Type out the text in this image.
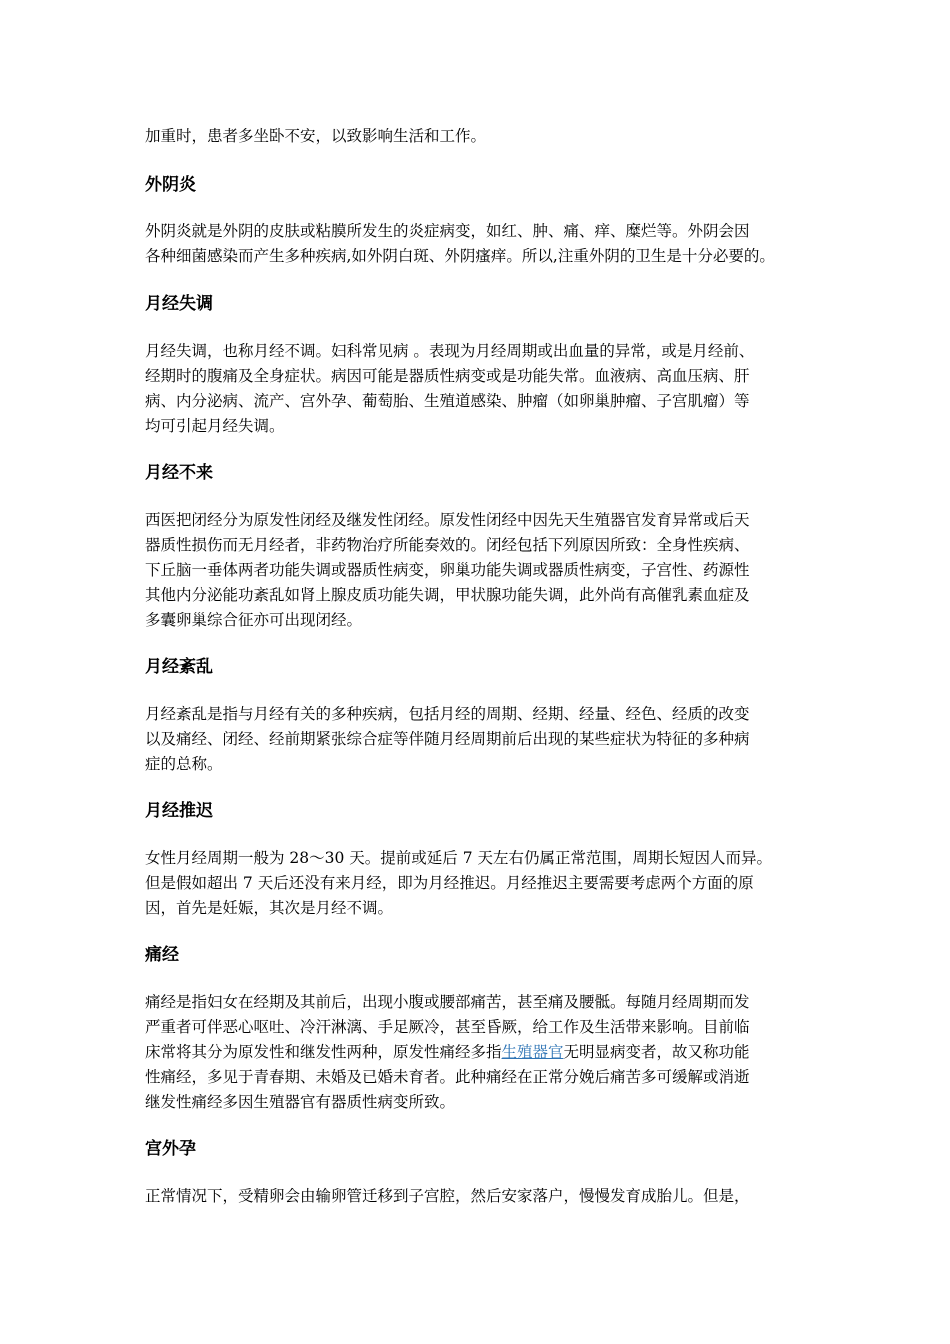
加重时，患者多坐卧不安，以致影响生活和工作。
外阴炎
外阴炎就是外阴的皮肤或粘膜所发生的炎症病变，如红、肿、痛、痒、糜烂等。外阴会因
各种细菌感染而产生多种疾病,如外阴白斑、外阴瘙痒。所以,注重外阴的卫生是十分必要的。
月经失调
月经失调，也称月经不调。妇科常见病 。表现为月经周期或出血量的异常，或是月经前、
经期时的腹痛及全身症状。病因可能是器质性病变或是功能失常。血液病、高血压病、肝
病、内分泌病、流产、宫外孕、葡萄胎、生殖道感染、肿瘤（如卵巢肿瘤、子宫肌瘤）等
均可引起月经失调。
月经不来
西医把闭经分为原发性闭经及继发性闭经。原发性闭经中因先天生殖器官发育异常或后天
器质性损伤而无月经者，非药物治疗所能奏效的。闭经包括下列原因所致：全身性疾病、
下丘脑一垂体两者功能失调或器质性病变，卵巢功能失调或器质性病变，子宫性、药源性
其他内分泌能功紊乱如肾上腺皮质功能失调，甲状腺功能失调，此外尚有高催乳素血症及
多囊卵巢综合征亦可出现闭经。
月经紊乱
月经紊乱是指与月经有关的多种疾病，包括月经的周期、经期、经量、经色、经质的改变
以及痛经、闭经、经前期紧张综合症等伴随月经周期前后出现的某些症状为特征的多种病
症的总称。
月经推迟
女性月经周期一般为 28～30 天。提前或延后 7 天左右仍属正常范围，周期长短因人而异。
但是假如超出 7 天后还没有来月经，即为月经推迟。月经推迟主要需要考虑两个方面的原
因，首先是妊娠，其次是月经不调。
痛经
痛经是指妇女在经期及其前后，出现小腹或腰部痛苦，甚至痛及腰骶。每随月经周期而发
严重者可伴恶心呕吐、冷汗淋漓、手足厥冷，甚至昏厥，给工作及生活带来影响。目前临
床常将其分为原发性和继发性两种，原发性痛经多指生殖器官无明显病变者，故又称功能
性痛经，多见于青春期、未婚及已婚未育者。此种痛经在正常分娩后痛苦多可缓解或消逝
继发性痛经多因生殖器官有器质性病变所致。
宫外孕
正常情况下，受精卵会由输卵管迁移到子宫腔，然后安家落户，慢慢发育成胎儿。但是，
